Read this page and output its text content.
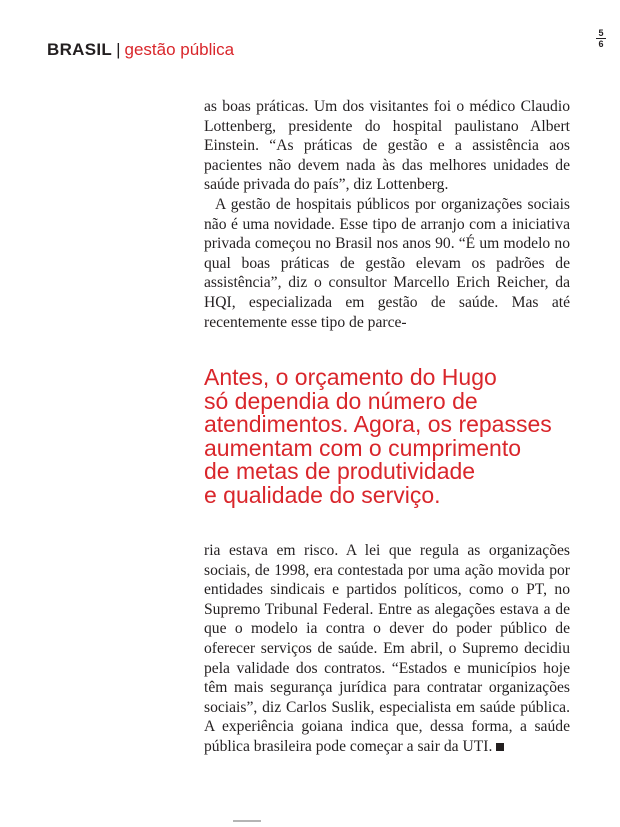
BRASIL | gestão pública
5
6

as boas práticas. Um dos visitantes foi o médico Claudio Lottenberg, presidente do hospital paulistano Albert Einstein. “As práticas de gestão e a assistência aos pacientes não devem nada às das melhores unidades de saúde privada do país”, diz Lottenberg.

A gestão de hospitais públicos por organizações sociais não é uma novidade. Esse tipo de arranjo com a iniciativa privada começou no Brasil nos anos 90. “É um modelo no qual boas práticas de gestão elevam os padrões de assistência”, diz o consultor Marcello Erich Reicher, da HQI, especializada em gestão de saúde. Mas até recentemente esse tipo de parce-

Antes, o orçamento do Hugo
só dependia do número de
atendimentos. Agora, os repasses
aumentam com o cumprimento
de metas de produtividade
e qualidade do serviço.

ria estava em risco. A lei que regula as organizações sociais, de 1998, era contestada por uma ação movida por entidades sindicais e partidos políticos, como o PT, no Supremo Tribunal Federal. Entre as alegações estava a de que o modelo ia contra o dever do poder público de oferecer serviços de saúde. Em abril, o Supremo decidiu pela validade dos contratos. “Estados e municípios hoje têm mais segurança jurídica para contratar organizações sociais”, diz Carlos Suslik, especialista em saúde pública. A experiência goiana indica que, dessa forma, a saúde pública brasileira pode começar a sair da UTI.
